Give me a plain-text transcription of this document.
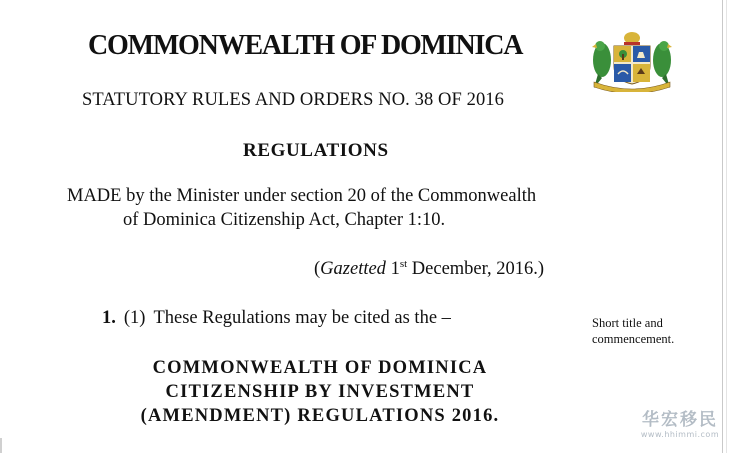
COMMONWEALTH OF DOMINICA
STATUTORY RULES AND ORDERS NO. 38 OF 2016
REGULATIONS
MADE by the Minister under section 20 of the Commonwealth
of Dominica Citizenship Act, Chapter 1:10.
(Gazetted 1st December, 2016.)
1. (1) These Regulations may be cited as the –	Short title and
commencement.
COMMONWEALTH OF DOMINICA
CITIZENSHIP BY INVESTMENT
(AMENDMENT) REGULATIONS 2016.	华宏移民
www.hhimmi.com
